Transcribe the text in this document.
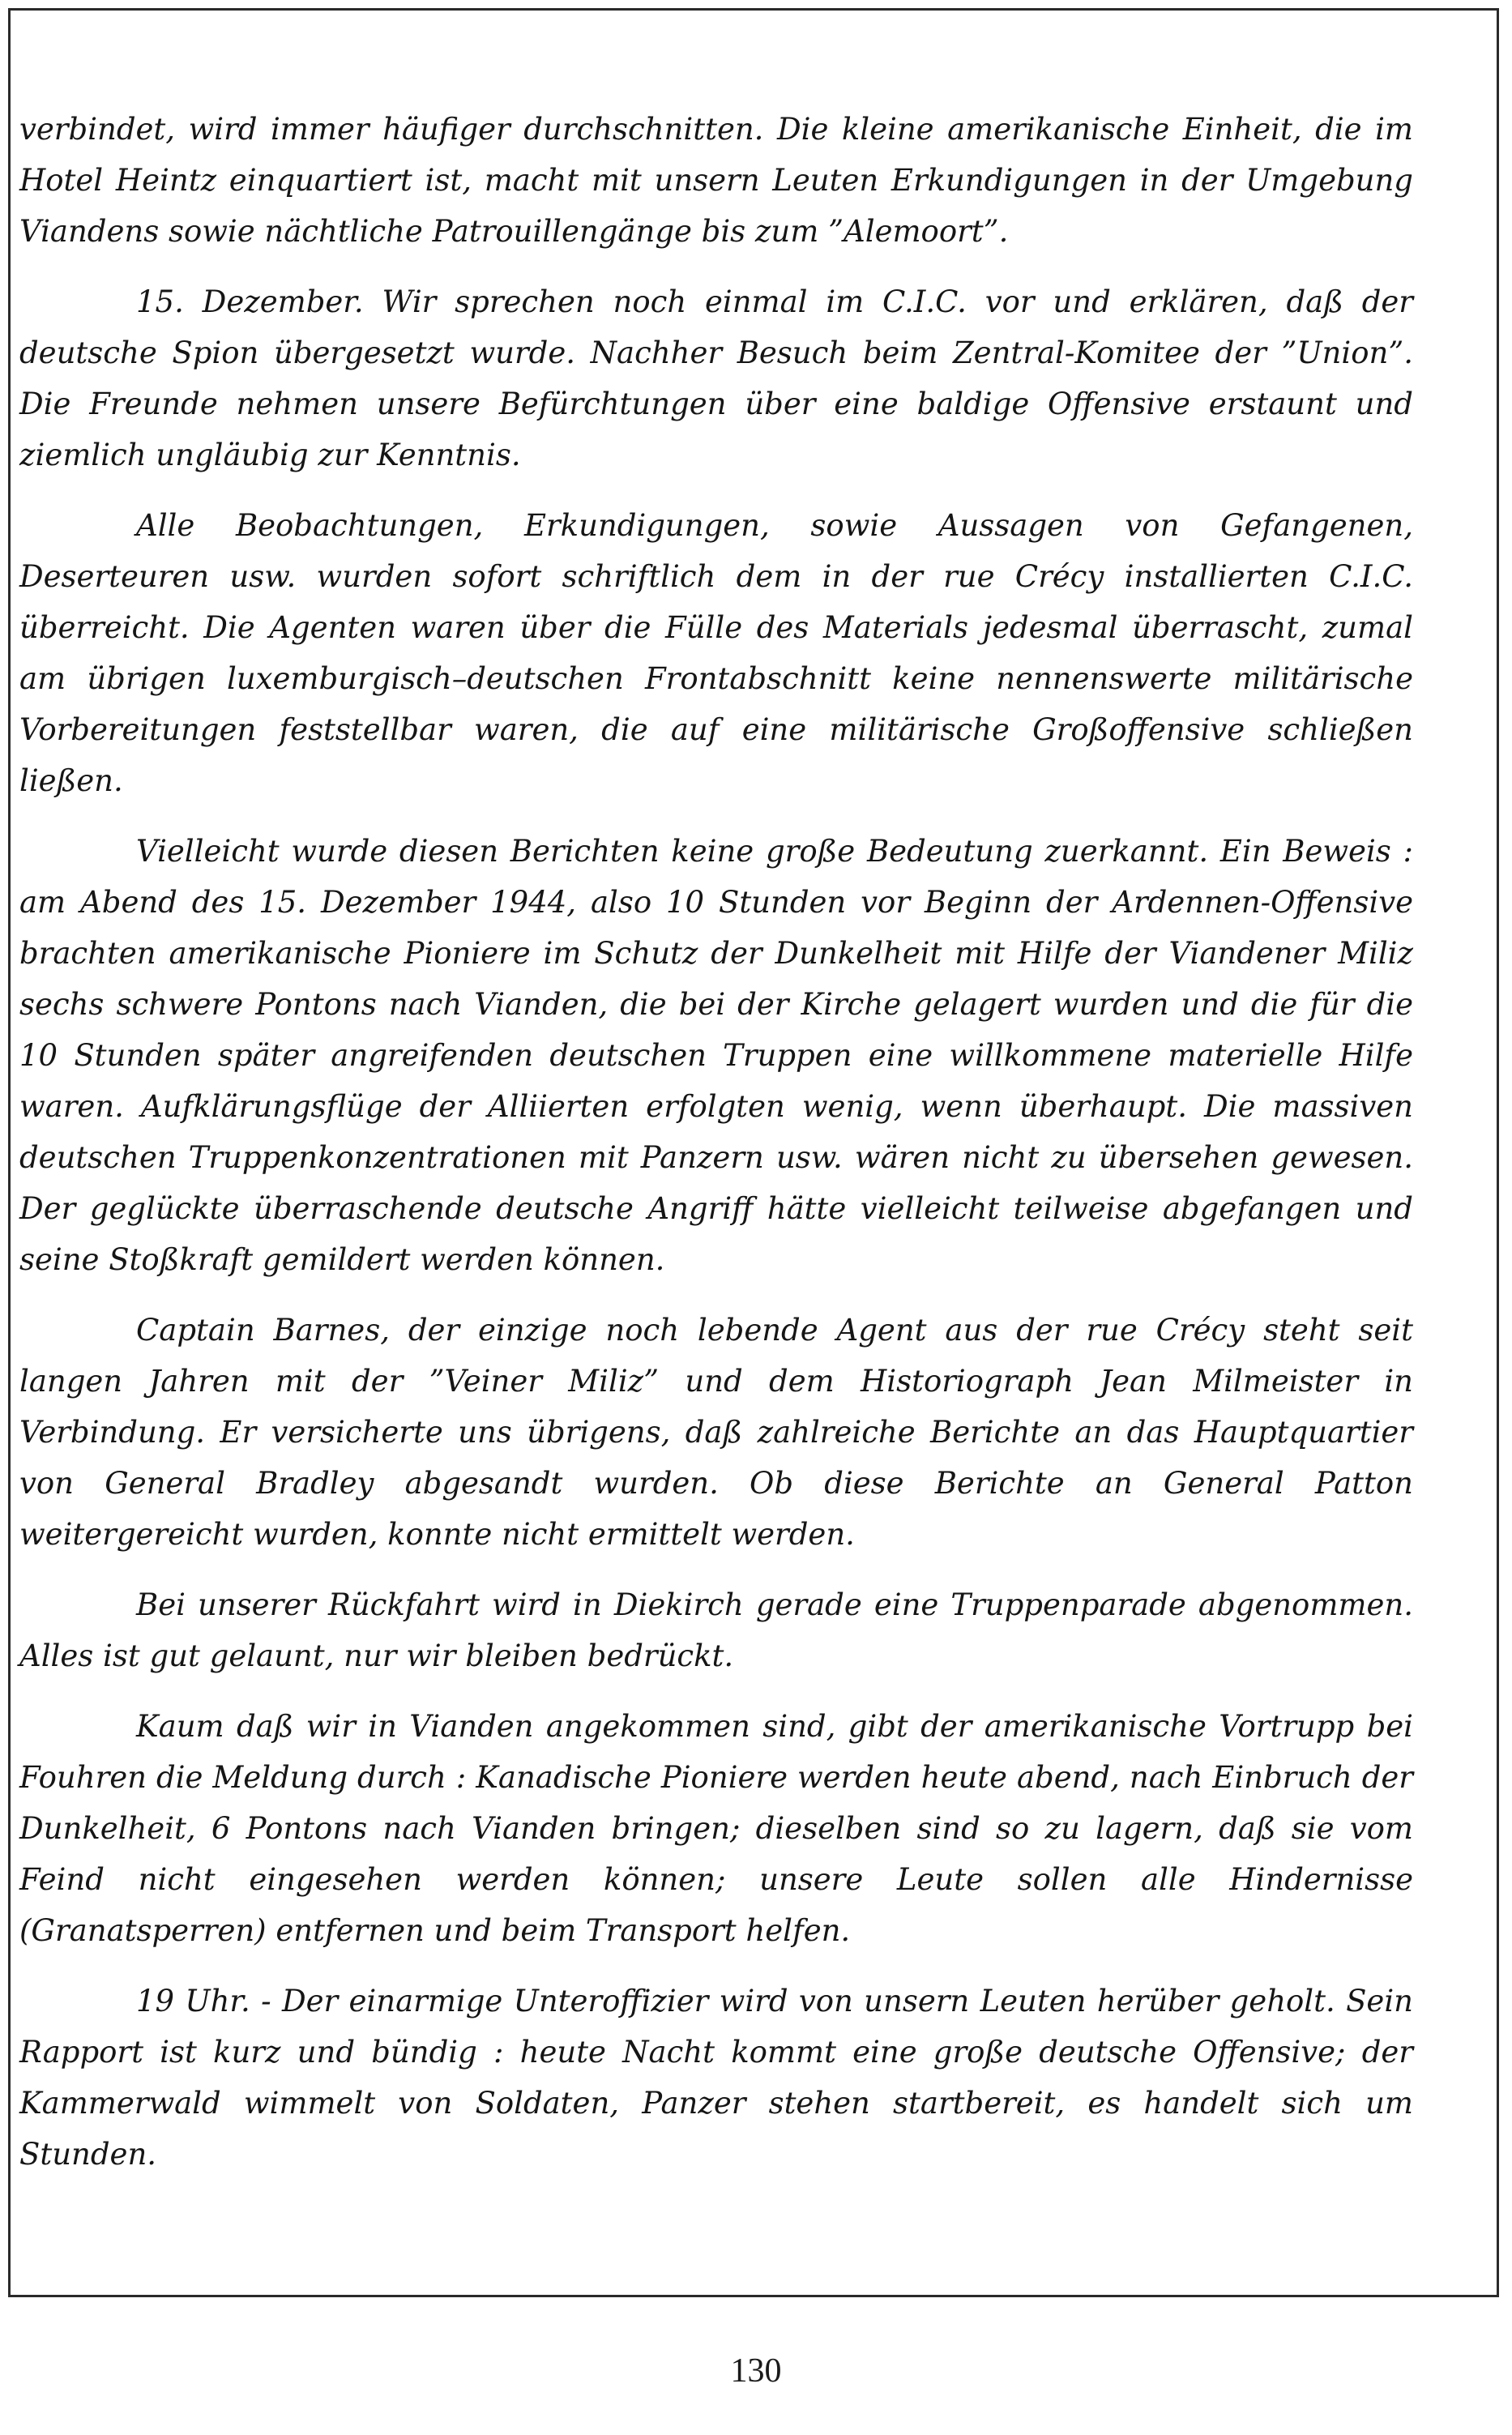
verbindet, wird immer häufiger durchschnitten. Die kleine amerikanische Einheit, die im Hotel Heintz einquartiert ist, macht mit unsern Leuten Erkundigungen in der Umgebung Viandens sowie nächtliche Patrouillengänge bis zum ”Alemoort”.

15. Dezember. Wir sprechen noch einmal im C.I.C. vor und erklären, daß der deutsche Spion übergesetzt wurde. Nachher Besuch beim Zentral-Komitee der ”Union”. Die Freunde nehmen unsere Befürchtungen über eine baldige Offensive erstaunt und ziemlich ungläubig zur Kenntnis.

Alle Beobachtungen, Erkundigungen, sowie Aussagen von Gefangenen, Deserteuren usw. wurden sofort schriftlich dem in der rue Crécy installierten C.I.C. überreicht. Die Agenten waren über die Fülle des Materials jedesmal überrascht, zumal am übrigen luxemburgisch–deutschen Frontabschnitt keine nennenswerte militärische Vorbereitungen feststellbar waren, die auf eine militärische Großoffensive schließen ließen.

Vielleicht wurde diesen Berichten keine große Bedeutung zuerkannt. Ein Beweis : am Abend des 15. Dezember 1944, also 10 Stunden vor Beginn der Ardennen-Offensive brachten amerikanische Pioniere im Schutz der Dunkelheit mit Hilfe der Viandener Miliz sechs schwere Pontons nach Vianden, die bei der Kirche gelagert wurden und die für die 10 Stunden später angreifenden deutschen Truppen eine willkommene materielle Hilfe waren. Aufklärungsflüge der Alliierten erfolgten wenig, wenn überhaupt. Die massiven deutschen Truppenkonzentrationen mit Panzern usw. wären nicht zu übersehen gewesen. Der geglückte überraschende deutsche Angriff hätte vielleicht teilweise abgefangen und seine Stoßkraft gemildert werden können.

Captain Barnes, der einzige noch lebende Agent aus der rue Crécy steht seit langen Jahren mit der ”Veiner Miliz” und dem Historiograph Jean Milmeister in Verbindung. Er versicherte uns übrigens, daß zahlreiche Berichte an das Hauptquartier von General Bradley abgesandt wurden. Ob diese Berichte an General Patton weitergereicht wurden, konnte nicht ermittelt werden.

Bei unserer Rückfahrt wird in Diekirch gerade eine Truppenparade abgenommen. Alles ist gut gelaunt, nur wir bleiben bedrückt.

Kaum daß wir in Vianden angekommen sind, gibt der amerikanische Vortrupp bei Fouhren die Meldung durch : Kanadische Pioniere werden heute abend, nach Einbruch der Dunkelheit, 6 Pontons nach Vianden bringen; dieselben sind so zu lagern, daß sie vom Feind nicht eingesehen werden können; unsere Leute sollen alle Hindernisse (Granatsperren) entfernen und beim Transport helfen.

19 Uhr. - Der einarmige Unteroffizier wird von unsern Leuten herüber geholt. Sein Rapport ist kurz und bündig : heute Nacht kommt eine große deutsche Offensive; der Kammerwald wimmelt von Soldaten, Panzer stehen startbereit, es handelt sich um Stunden.

130
